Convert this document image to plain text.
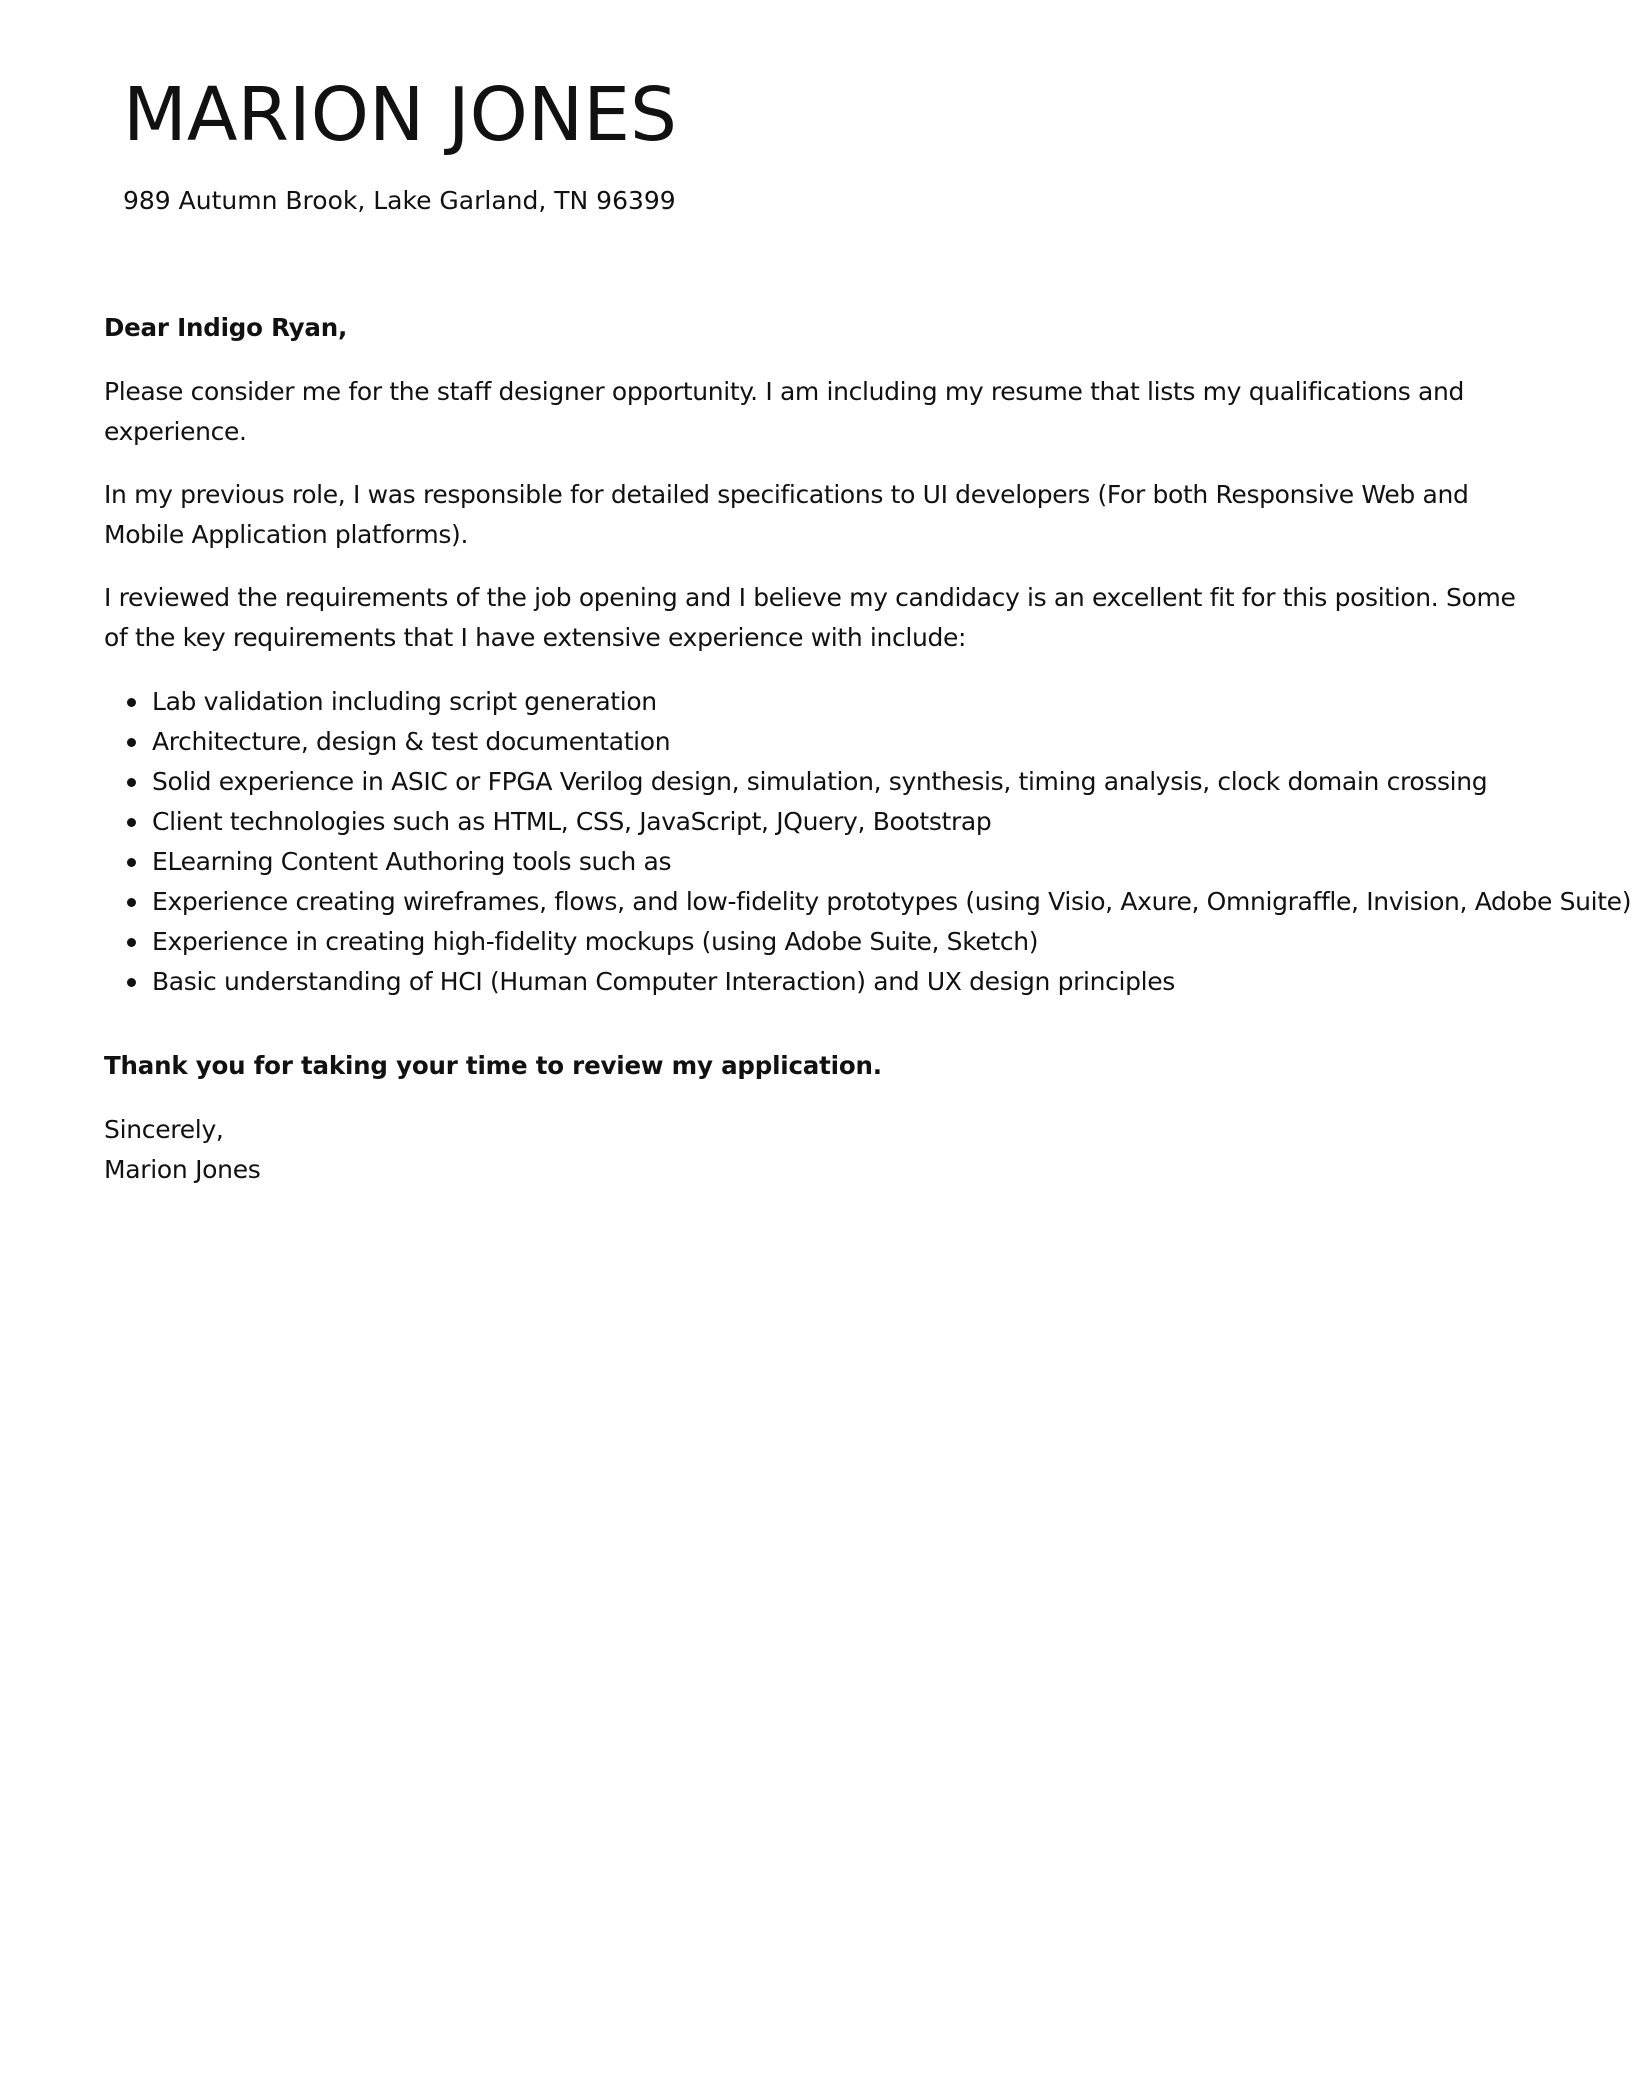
MARION JONES
989 Autumn Brook, Lake Garland, TN 96399

Dear Indigo Ryan,

Please consider me for the staff designer opportunity. I am including my resume that lists my qualifications and experience.

In my previous role, I was responsible for detailed specifications to UI developers (For both Responsive Web and Mobile Application platforms).

I reviewed the requirements of the job opening and I believe my candidacy is an excellent fit for this position. Some of the key requirements that I have extensive experience with include:

Lab validation including script generation
Architecture, design & test documentation
Solid experience in ASIC or FPGA Verilog design, simulation, synthesis, timing analysis, clock domain crossing
Client technologies such as HTML, CSS, JavaScript, JQuery, Bootstrap
ELearning Content Authoring tools such as
Experience creating wireframes, flows, and low-fidelity prototypes (using Visio, Axure, Omnigraffle, Invision, Adobe Suite)
Experience in creating high-fidelity mockups (using Adobe Suite, Sketch)
Basic understanding of HCI (Human Computer Interaction) and UX design principles

Thank you for taking your time to review my application.

Sincerely,

Marion Jones
